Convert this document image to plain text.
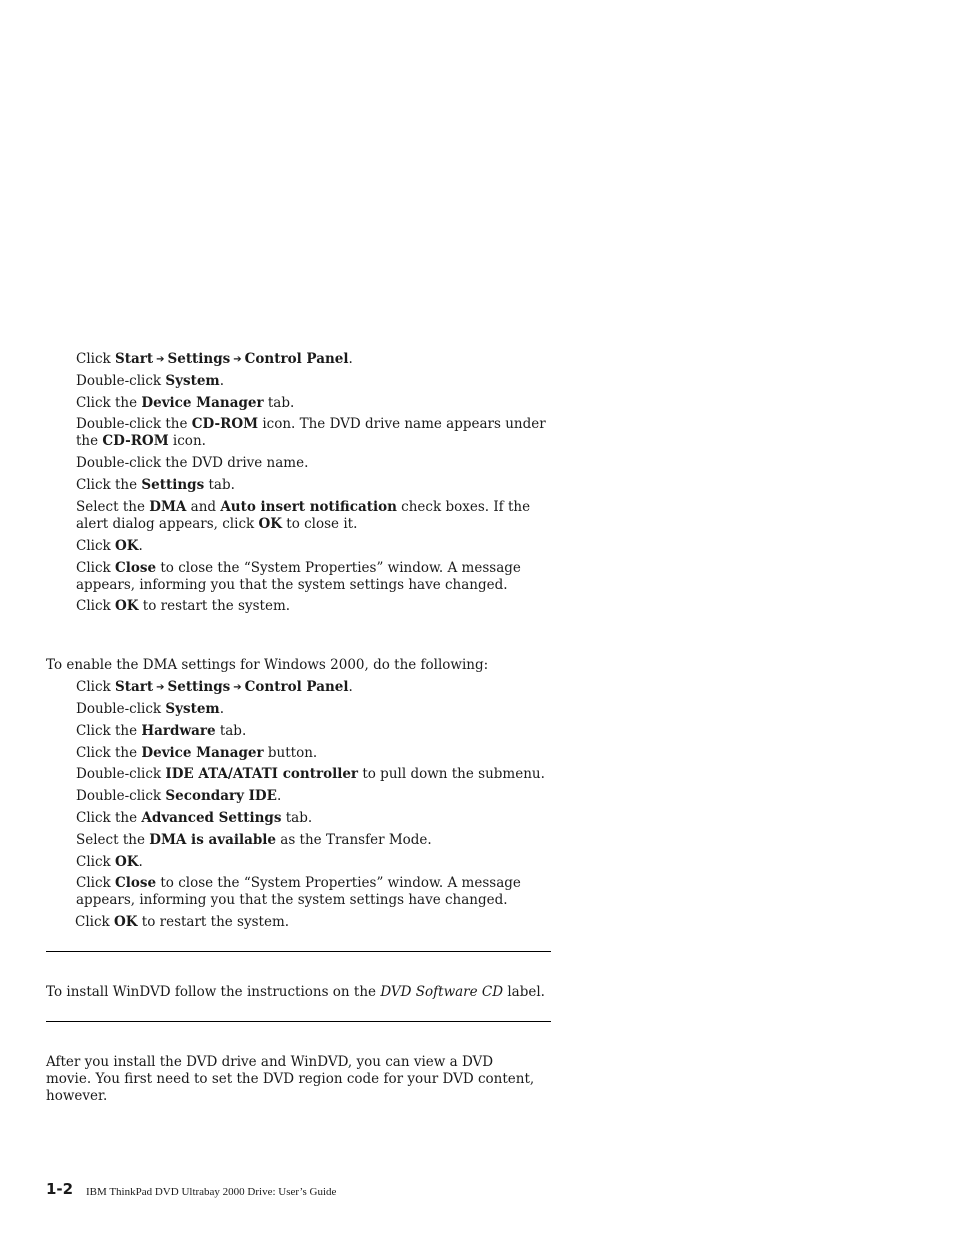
Click Start ➔ Settings ➔ Control Panel.

Double-click System.

Click the Device Manager tab.

Double-click the CD-ROM icon. The DVD drive name appears under the CD-ROM icon.

Double-click the DVD drive name.

Click the Settings tab.

Select the DMA and Auto insert notification check boxes. If the alert dialog appears, click OK to close it.

Click OK.

Click Close to close the “System Properties” window. A message appears, informing you that the system settings have changed.

Click OK to restart the system.

To enable the DMA settings for Windows 2000, do the following:

Click Start ➔ Settings ➔ Control Panel.

Double-click System.

Click the Hardware tab.

Click the Device Manager button.

Double-click IDE ATA/ATATI controller to pull down the submenu.

Double-click Secondary IDE.

Click the Advanced Settings tab.

Select the DMA is available as the Transfer Mode.

Click OK.

Click Close to close the “System Properties” window. A message appears, informing you that the system settings have changed.

Click OK to restart the system.

To install WinDVD follow the instructions on the DVD Software CD label.

After you install the DVD drive and WinDVD, you can view a DVD movie. You first need to set the DVD region code for your DVD content, however.

1-2 IBM ThinkPad DVD Ultrabay 2000 Drive: User’s Guide
